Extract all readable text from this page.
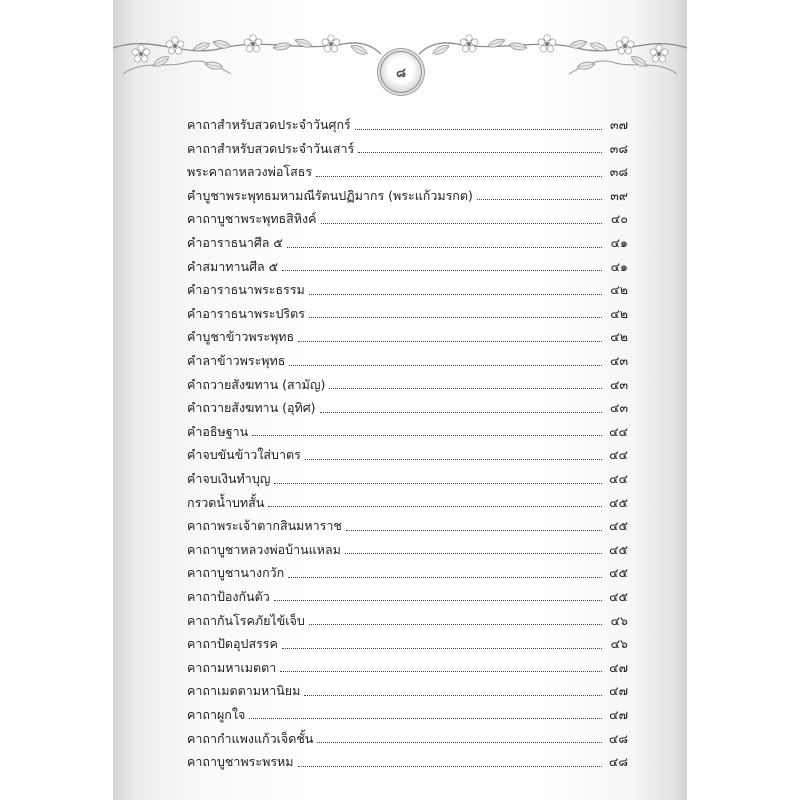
๘
คาถาสำหรับสวดประจำวันศุกร์	๓๗
คาถาสำหรับสวดประจำวันเสาร์	๓๘
พระคาถาหลวงพ่อโสธร	๓๘
คำบูชาพระพุทธมหามณีรัตนปฏิมากร (พระแก้วมรกต)	๓๙
คาถาบูชาพระพุทธสิหิงค์	๔๐
คำอาราธนาศีล ๕	๔๑
คำสมาทานศีล ๕	๔๑
คำอาราธนาพระธรรม	๔๒
คำอาราธนาพระปริตร	๔๒
คำบูชาข้าวพระพุทธ	๔๒
คำลาข้าวพระพุทธ	๔๓
คำถวายสังฆทาน (สามัญ)	๔๓
คำถวายสังฆทาน (อุทิศ)	๔๓
คำอธิษฐาน	๔๔
คำจบขันข้าวใส่บาตร	๔๔
คำจบเงินทำบุญ	๔๔
กรวดน้ำบทสั้น	๔๕
คาถาพระเจ้าตากสินมหาราช	๔๕
คาถาบูชาหลวงพ่อบ้านแหลม	๔๕
คาถาบูชานางกวัก	๔๕
คาถาป้องกันตัว	๔๕
คาถากันโรคภัยไข้เจ็บ	๔๖
คาถาปัดอุปสรรค	๔๖
คาถามหาเมตตา	๔๗
คาถาเมตตามหานิยม	๔๗
คาถาผูกใจ	๔๗
คาถากำแพงแก้วเจ็ดชั้น	๔๘
คาถาบูชาพระพรหม	๔๘
